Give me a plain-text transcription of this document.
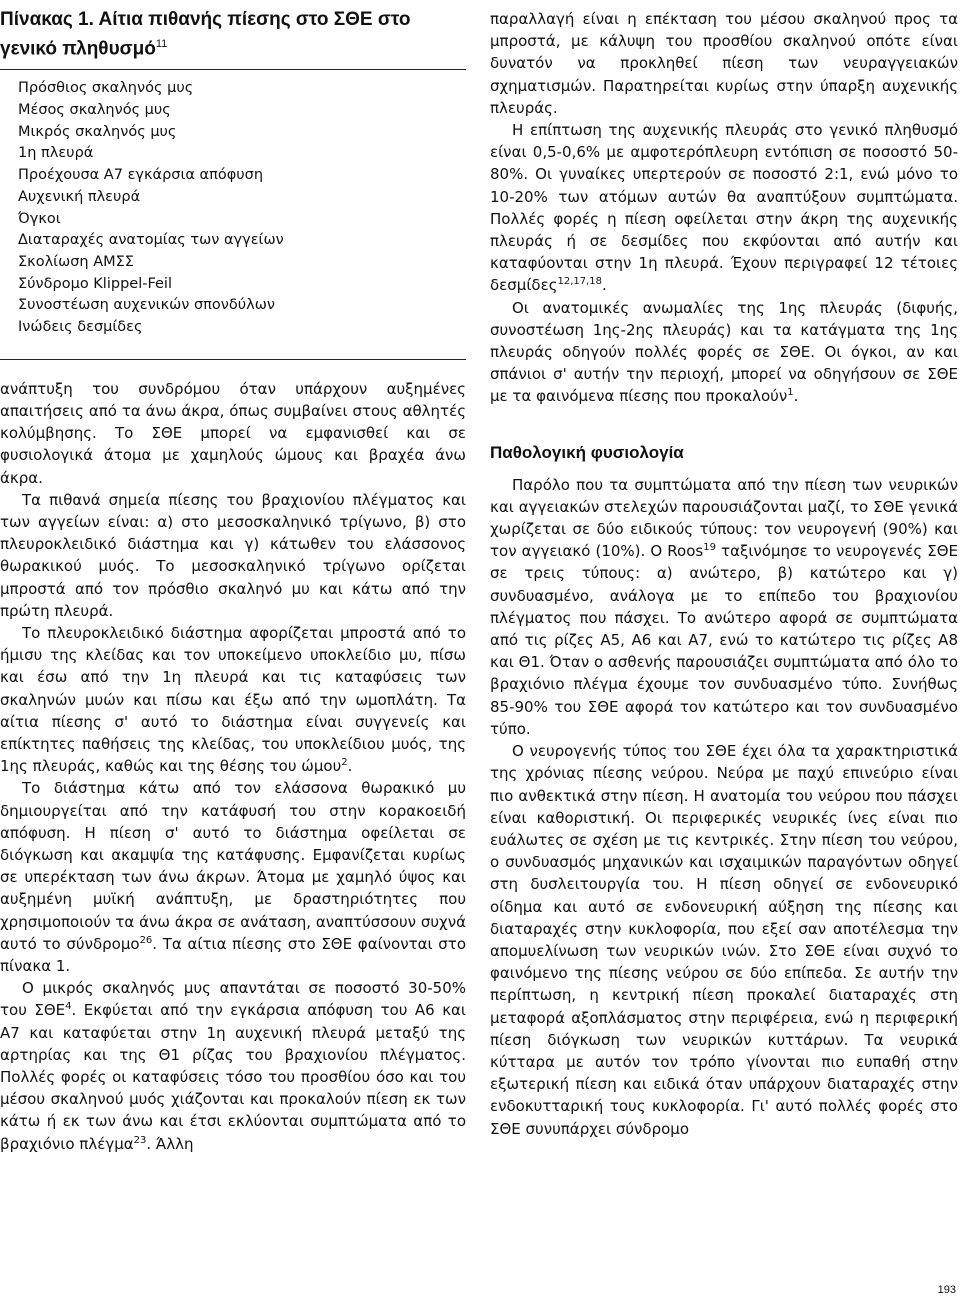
Πίνακας 1. Αίτια πιθανής πίεσης στο ΣΘΕ στο γενικό πληθυσμό$^{11}$
Πρόσθιος σκαληνός μυς
Μέσος σκαληνός μυς
Μικρός σκαληνός μυς
1η πλευρά
Προέχουσα Α7 εγκάρσια απόφυση
Αυχενική πλευρά
Όγκοι
Διαταραχές ανατομίας των αγγείων
Σκολίωση ΑΜΣΣ
Σύνδρομο Klippel-Feil
Συνοστέωση αυχενικών σπονδύλων
Ινώδεις δεσμίδες

ανάπτυξη του συνδρόμου όταν υπάρχουν αυξημένες απαιτήσεις από τα άνω άκρα, όπως συμβαίνει στους αθλητές κολύμβησης. Το ΣΘΕ μπορεί να εμφανισθεί και σε φυσιολογικά άτομα με χαμηλούς ώμους και βραχέα άνω άκρα.

Τα πιθανά σημεία πίεσης του βραχιονίου πλέγματος και των αγγείων είναι: α) στο μεσοσκαληνικό τρίγωνο, β) στο πλευροκλειδικό διάστημα και γ) κάτωθεν του ελάσσονος θωρακικού μυός. Το μεσοσκαληνικό τρίγωνο ορίζεται μπροστά από τον πρόσθιο σκαληνό μυ και κάτω από την πρώτη πλευρά.

Το πλευροκλειδικό διάστημα αφορίζεται μπροστά από το ήμισυ της κλείδας και τον υποκείμενο υποκλείδιο μυ, πίσω και έσω από την 1η πλευρά και τις καταφύσεις των σκαληνών μυών και πίσω και έξω από την ωμοπλάτη. Τα αίτια πίεσης σ' αυτό το διάστημα είναι συγγενείς και επίκτητες παθήσεις της κλείδας, του υποκλείδιου μυός, της 1ης πλευράς, καθώς και της θέσης του ώμου$^2$.

Το διάστημα κάτω από τον ελάσσονα θωρακικό μυ δημιουργείται από την κατάφυσή του στην κορακοειδή απόφυση. Η πίεση σ' αυτό το διάστημα οφείλεται σε διόγκωση και ακαμψία της κατάφυσης. Εμφανίζεται κυρίως σε υπερέκταση των άνω άκρων. Άτομα με χαμηλό ύψος και αυξημένη μυϊκή ανάπτυξη, με δραστηριότητες που χρησιμοποιούν τα άνω άκρα σε ανάταση, αναπτύσσουν συχνά αυτό το σύνδρομο$^{26}$. Τα αίτια πίεσης στο ΣΘΕ φαίνονται στο πίνακα 1.

Ο μικρός σκαληνός μυς απαντάται σε ποσοστό 30-50% του ΣΘΕ$^4$. Εκφύεται από την εγκάρσια απόφυση του Α6 και Α7 και καταφύεται στην 1η αυχενική πλευρά μεταξύ της αρτηρίας και της Θ1 ρίζας του βραχιονίου πλέγματος. Πολλές φορές οι καταφύσεις τόσο του προσθίου όσο και του μέσου σκαληνού μυός χιάζονται και προκαλούν πίεση εκ των κάτω ή εκ των άνω και έτσι εκλύονται συμπτώματα από το βραχιόνιο πλέγμα$^{23}$. Άλλη

παραλλαγή είναι η επέκταση του μέσου σκαληνού προς τα μπροστά, με κάλυψη του προσθίου σκαληνού οπότε είναι δυνατόν να προκληθεί πίεση των νευραγγειακών σχηματισμών. Παρατηρείται κυρίως στην ύπαρξη αυχενικής πλευράς.

Η επίπτωση της αυχενικής πλευράς στο γενικό πληθυσμό είναι 0,5-0,6% με αμφοτερόπλευρη εντόπιση σε ποσοστό 50-80%. Οι γυναίκες υπερτερούν σε ποσοστό 2:1, ενώ μόνο το 10-20% των ατόμων αυτών θα αναπτύξουν συμπτώματα. Πολλές φορές η πίεση οφείλεται στην άκρη της αυχενικής πλευράς ή σε δεσμίδες που εκφύονται από αυτήν και καταφύονται στην 1η πλευρά. Έχουν περιγραφεί 12 τέτοιες δεσμίδες$^{12,17,18}$.

Οι ανατομικές ανωμαλίες της 1ης πλευράς (διφυής, συνοστέωση 1ης-2ης πλευράς) και τα κατάγματα της 1ης πλευράς οδηγούν πολλές φορές σε ΣΘΕ. Οι όγκοι, αν και σπάνιοι σ' αυτήν την περιοχή, μπορεί να οδηγήσουν σε ΣΘΕ με τα φαινόμενα πίεσης που προκαλούν$^1$.

Παθολογική φυσιολογία

Παρόλο που τα συμπτώματα από την πίεση των νευρικών και αγγειακών στελεχών παρουσιάζονται μαζί, το ΣΘΕ γενικά χωρίζεται σε δύο ειδικούς τύπους: τον νευρογενή (90%) και τον αγγειακό (10%). Ο Roos$^{19}$ ταξινόμησε το νευρογενές ΣΘΕ σε τρεις τύπους: α) ανώτερο, β) κατώτερο και γ) συνδυασμένο, ανάλογα με το επίπεδο του βραχιονίου πλέγματος που πάσχει. Το ανώτερο αφορά σε συμπτώματα από τις ρίζες Α5, Α6 και Α7, ενώ το κατώτερο τις ρίζες Α8 και Θ1. Όταν ο ασθενής παρουσιάζει συμπτώματα από όλο το βραχιόνιο πλέγμα έχουμε τον συνδυασμένο τύπο. Συνήθως 85-90% του ΣΘΕ αφορά τον κατώτερο και τον συνδυασμένο τύπο.

Ο νευρογενής τύπος του ΣΘΕ έχει όλα τα χαρακτηριστικά της χρόνιας πίεσης νεύρου. Νεύρα με παχύ επινεύριο είναι πιο ανθεκτικά στην πίεση. Η ανατομία του νεύρου που πάσχει είναι καθοριστική. Οι περιφερικές νευρικές ίνες είναι πιο ευάλωτες σε σχέση με τις κεντρικές. Στην πίεση του νεύρου, ο συνδυασμός μηχανικών και ισχαιμικών παραγόντων οδηγεί στη δυσλειτουργία του. Η πίεση οδηγεί σε ενδονευρικό οίδημα και αυτό σε ενδονευρική αύξηση της πίεσης και διαταραχές στην κυκλοφορία, που εξεί σαν αποτέλεσμα την απομυελίνωση των νευρικών ινών. Στο ΣΘΕ είναι συχνό το φαινόμενο της πίεσης νεύρου σε δύο επίπεδα. Σε αυτήν την περίπτωση, η κεντρική πίεση προκαλεί διαταραχές στη μεταφορά αξοπλάσματος στην περιφέρεια, ενώ η περιφερική πίεση διόγκωση των νευρικών κυττάρων. Τα νευρικά κύτταρα με αυτόν τον τρόπο γίνονται πιο ευπαθή στην εξωτερική πίεση και ειδικά όταν υπάρχουν διαταραχές στην ενδοκυτταρική τους κυκλοφορία. Γι' αυτό πολλές φορές στο ΣΘΕ συνυπάρχει σύνδρομο

193
